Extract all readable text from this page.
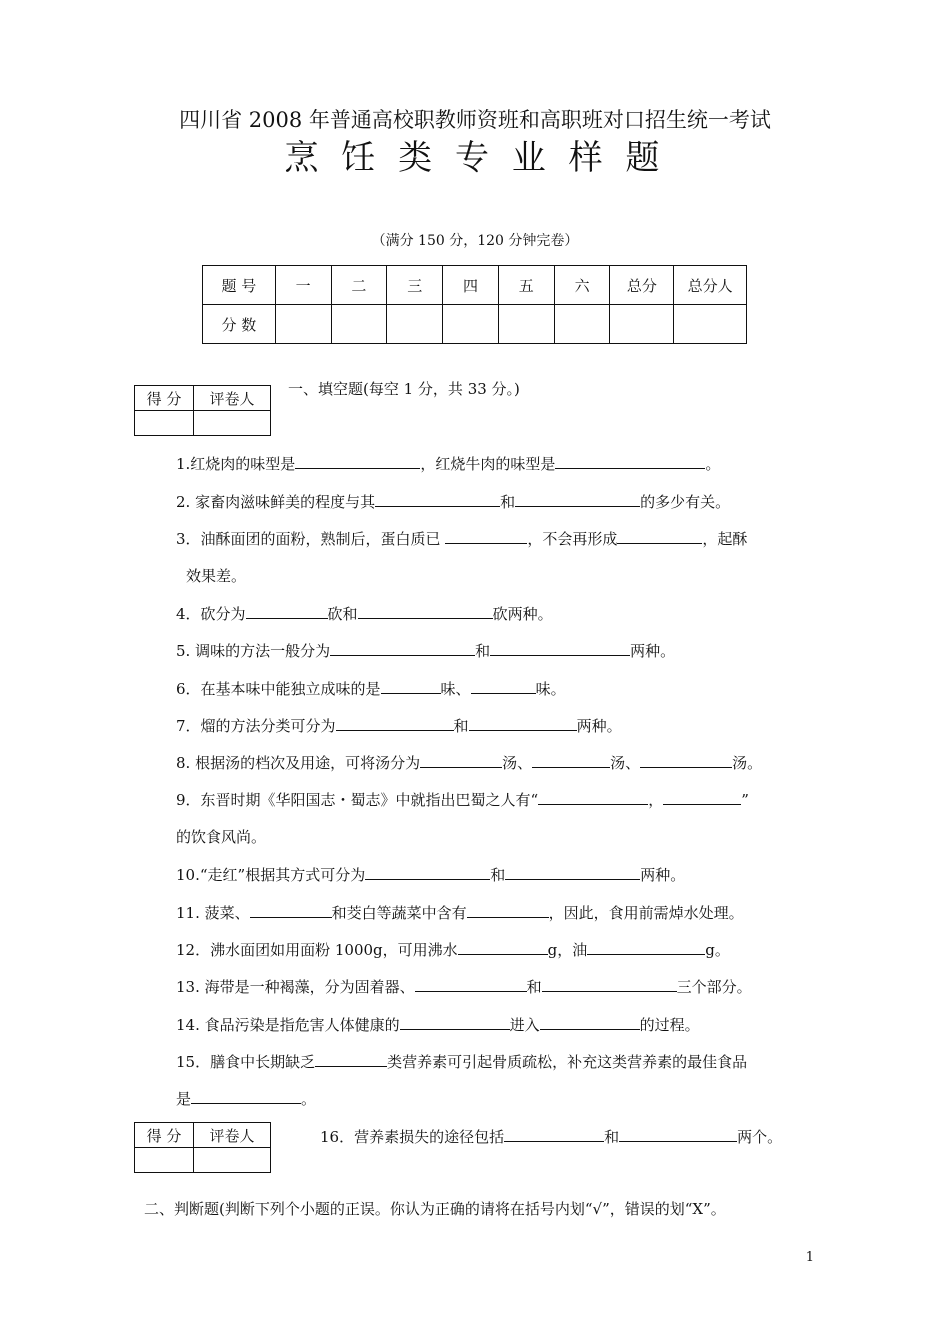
四川省 2008 年普通高校职教师资班和高职班对口招生统一考试
烹 饪 类 专 业 样 题
（满分 150 分，120 分钟完卷）
题 号	一	二	三	四	五	六	总分	总分人
分 数								
得 分	评卷人

一、填空题(每空 1 分，共 33 分。)
1.红烧肉的味型是	，红烧牛肉的味型是	。
2. 家畜肉滋味鲜美的程度与其	和	的多少有关。
3．油酥面团的面粉，熟制后，蛋白质已	，不会再形成	，起酥
效果差。
4．砍分为	砍和	砍两种。
5. 调味的方法一般分为	和	两种。
6．在基本味中能独立成味的是	味、	味。
7．熘的方法分类可分为	和	两种。
8. 根据汤的档次及用途，可将汤分为	汤、	汤、	汤。
9．东晋时期《华阳国志・蜀志》中就指出巴蜀之人有“	，	”
的饮食风尚。
10.“走红”根据其方式可分为	和	两种。
11. 菠菜、	和茭白等蔬菜中含有	，因此，食用前需焯水处理。
12．沸水面团如用面粉 1000g，可用沸水	g，油	g。
13. 海带是一种褐藻，分为固着器、	和	三个部分。
14. 食品污染是指危害人体健康的	进入	的过程。
15．膳食中长期缺乏	类营养素可引起骨质疏松，补充这类营养素的最佳食品
是	。
得 分	评卷人
		16．营养素损失的途径包括	和	两个。
二、判断题(判断下列个小题的正误。你认为正确的请将在括号内划“√”，错误的划“X”。
1
